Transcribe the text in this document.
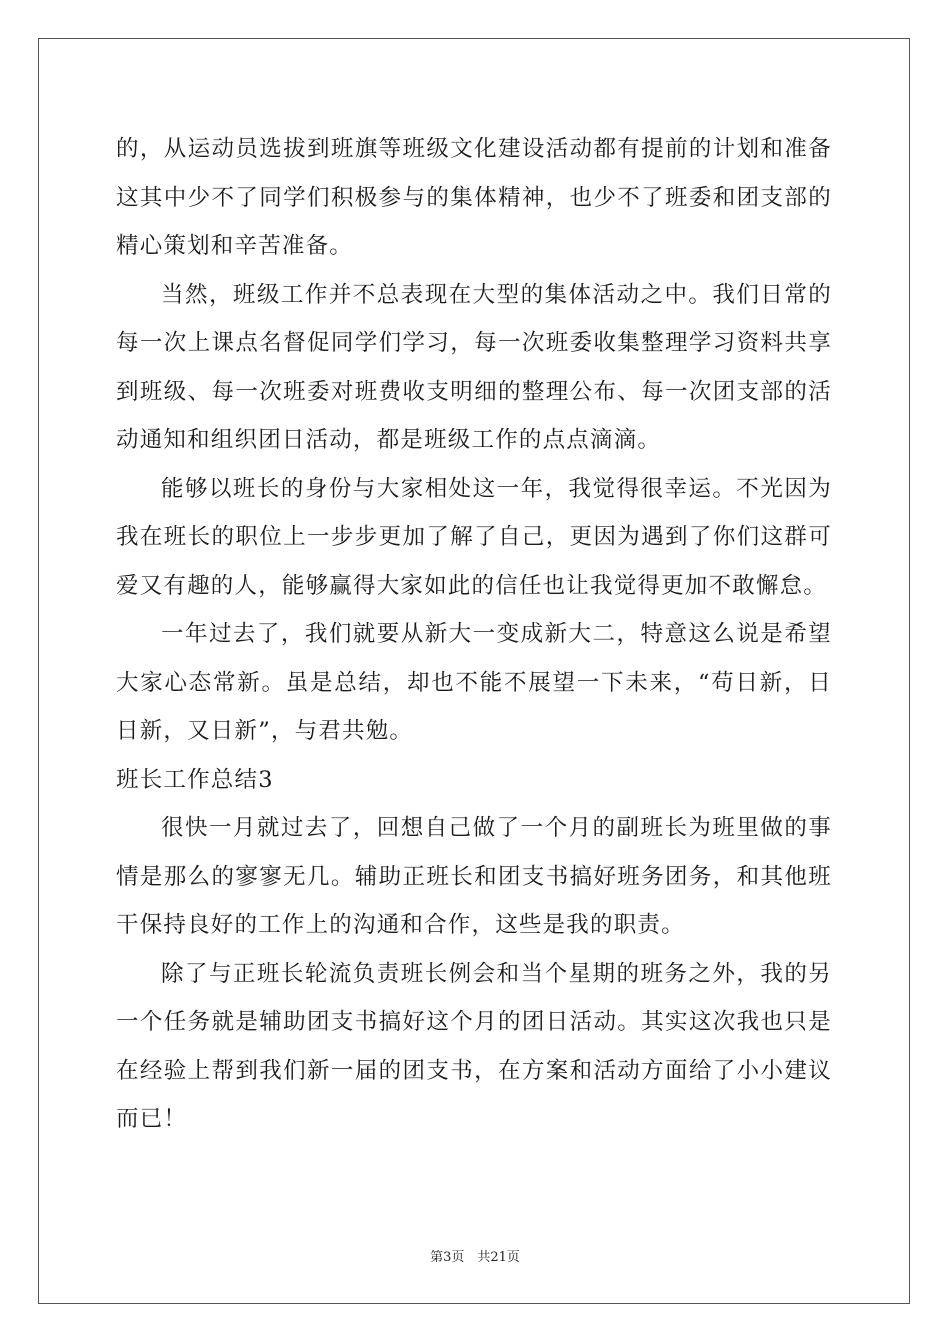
的，从运动员选拔到班旗等班级文化建设活动都有提前的计划和准备这其中少不了同学们积极参与的集体精神，也少不了班委和团支部的精心策划和辛苦准备。

当然，班级工作并不总表现在大型的集体活动之中。我们日常的每一次上课点名督促同学们学习，每一次班委收集整理学习资料共享到班级、每一次班委对班费收支明细的整理公布、每一次团支部的活动通知和组织团日活动，都是班级工作的点点滴滴。

能够以班长的身份与大家相处这一年，我觉得很幸运。不光因为我在班长的职位上一步步更加了解了自己，更因为遇到了你们这群可爱又有趣的人，能够赢得大家如此的信任也让我觉得更加不敢懈怠。

一年过去了，我们就要从新大一变成新大二，特意这么说是希望大家心态常新。虽是总结，却也不能不展望一下未来，“苟日新，日日新，又日新”，与君共勉。

班长工作总结3

很快一月就过去了，回想自己做了一个月的副班长为班里做的事情是那么的寥寥无几。辅助正班长和团支书搞好班务团务，和其他班干保持良好的工作上的沟通和合作，这些是我的职责。

除了与正班长轮流负责班长例会和当个星期的班务之外，我的另一个任务就是辅助团支书搞好这个月的团日活动。其实这次我也只是在经验上帮到我们新一届的团支书，在方案和活动方面给了小小建议而已！

第3页　共21页
